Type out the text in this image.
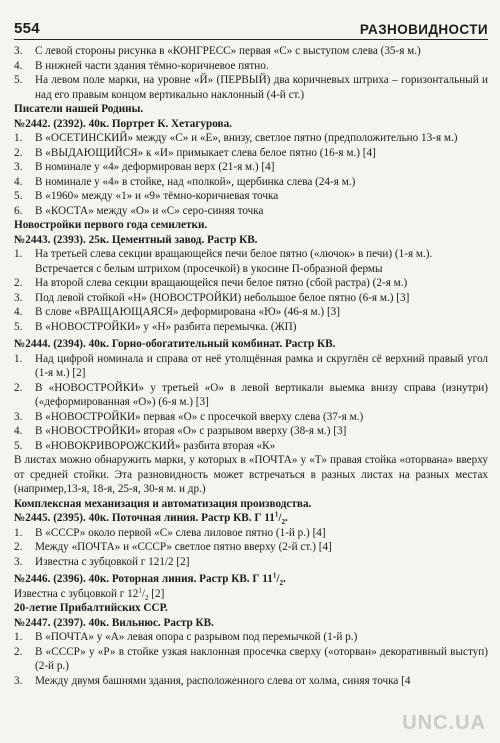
554	РАЗНОВИДНОСТИ
3. С левой стороны рисунка в «КОНГРЕСС» первая «С» с выступом слева (35-я м.)
4. В нижней части здания тёмно-коричневое пятно.
5. На левом поле марки, на уровне «Й» (ПЕРВЫЙ) два коричневых штриха – горизонтальный и над его правым концом вертикально наклонный (4-й ст.)
Писатели нашей Родины.
№2442. (2392). 40к. Портрет К. Хетагурова.
1. В «ОСЕТИНСКИЙ» между «С» и «Е», внизу, светлое пятно (предположительно 13-я м.)
2. В «ВЫДАЮЩИЙСЯ» к «И» примыкает слева белое пятно (16-я м.) [4]
3. В номинале у «4» деформирован верх (21-я м.) [4]
4. В номинале у «4» в стойке, над «полкой», щербинка слева (24-я м.)
5. В «1960» между «1» и «9» тёмно-коричневая точка
6. В «КОСТА» между «О» и «С» серо-синяя точка
Новостройки первого года семилетки.
№2443. (2393). 25к. Цементный завод. Растр КВ.
1. На третьей слева секции вращающейся печи белое пятно («лючок» в печи) (1-я м.). Встречается с белым штрихом (просечкой) в укосине П-образной фермы
2. На второй слева секции вращающейся печи белое пятно (сбой растра) (2-я м.)
3. Под левой стойкой «Н» (НОВОСТРОЙКИ) небольшое белое пятно (6-я м.) [3]
4. В слове «ВРАЩАЮЩАЯСЯ» деформирована «Ю» (46-я м.) [3]
5. В «НОВОСТРОЙКИ» у «Н» разбита перемычка. (ЖП)
№2444. (2394). 40к. Горно-обогатительный комбинат. Растр КВ.
1. Над цифрой номинала и справа от неё утолщённая рамка и скруглён сё верхний правый угол (1-я м.) [2]
2. В «НОВОСТРОЙКИ» у третьей «О» в левой вертикали выемка внизу справа (изнутри) («деформированная «О») (6-я м.) [3]
3. В «НОВОСТРОЙКИ» первая «О» с просечкой вверху слева (37-я м.)
4. В «НОВОСТРОЙКИ» вторая «О» с разрывом вверху (38-я м.) [3]
5. В «НОВОКРИВОРОЖСКИЙ» разбита вторая «К»
В листах можно обнаружить марки, у которых в «ПОЧТА» у «Т» правая стойка «оторвана» вверху от средней стойки. Эта разновидность может встречаться в разных листах на разных местах (например,13-я, 18-я, 25-я, 30-я м. и др.)
Комплексная механизация и автоматизация производства.
№2445. (2395). 40к. Поточная линия. Растр КВ. Г $11^1/_2$.
1. В «СССР» около первой «С» слева лиловое пятно (1-й р.) [4]
2. Между «ПОЧТА» и «СССР» светлое пятно вверху (2-й ст.) [4]
3. Известна с зубцовкой г 121/2 [2]
№2446. (2396). 40к. Роторная линия. Растр КВ. Г $11^1/_2$.
Известна с зубцовкой г $12^1/_2$ [2]
20-летие Прибалтийских ССР.
№2447. (2397). 40к. Вильнюс. Растр КВ.
1. В «ПОЧТА» у «А» левая опора с разрывом под перемычкой (1-й р.)
2. В «СССР» у «Р» в стойке узкая наклонная просечка сверху («оторван» декоративный выступ) (2-й р.)
3. Между двумя башнями здания, расположенного слева от холма, синяя точка [4
UNC.UA
